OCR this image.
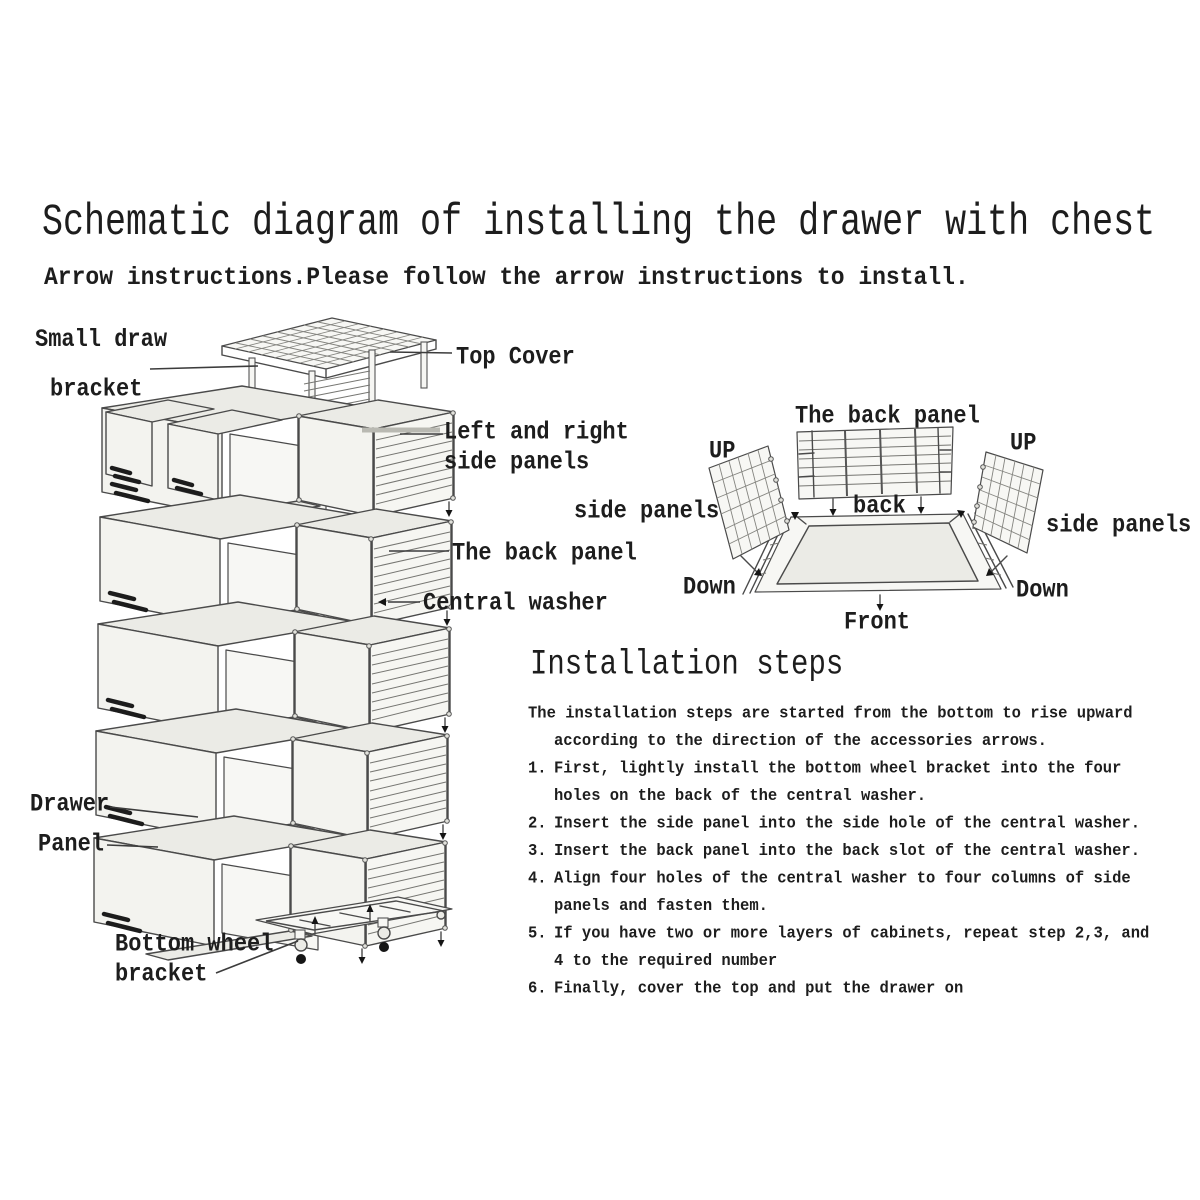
Schematic diagram of installing the drawer with chest
Arrow instructions.Please follow the arrow instructions to install.
Small draw
bracket
Top Cover
Left and right
side panels
The back panel
Central washer
Drawer
Panel
Bottom wheel
bracket
The back panel
UP	UP
side panels	side panels
back
Down	Down
Front
Installation steps
The installation steps are started from the bottom to rise upward
according to the direction of the accessories arrows.
1. First, lightly install the bottom wheel bracket into the four
holes on the back of the central washer.
2. Insert the side panel into the side hole of the central washer.
3. Insert the back panel into the back slot of the central washer.
4. Align four holes of the central washer to four columns of side
panels and fasten them.
5. If you have two or more layers of cabinets, repeat step 2,3, and
4 to the required number
6. Finally, cover the top and put the drawer on
